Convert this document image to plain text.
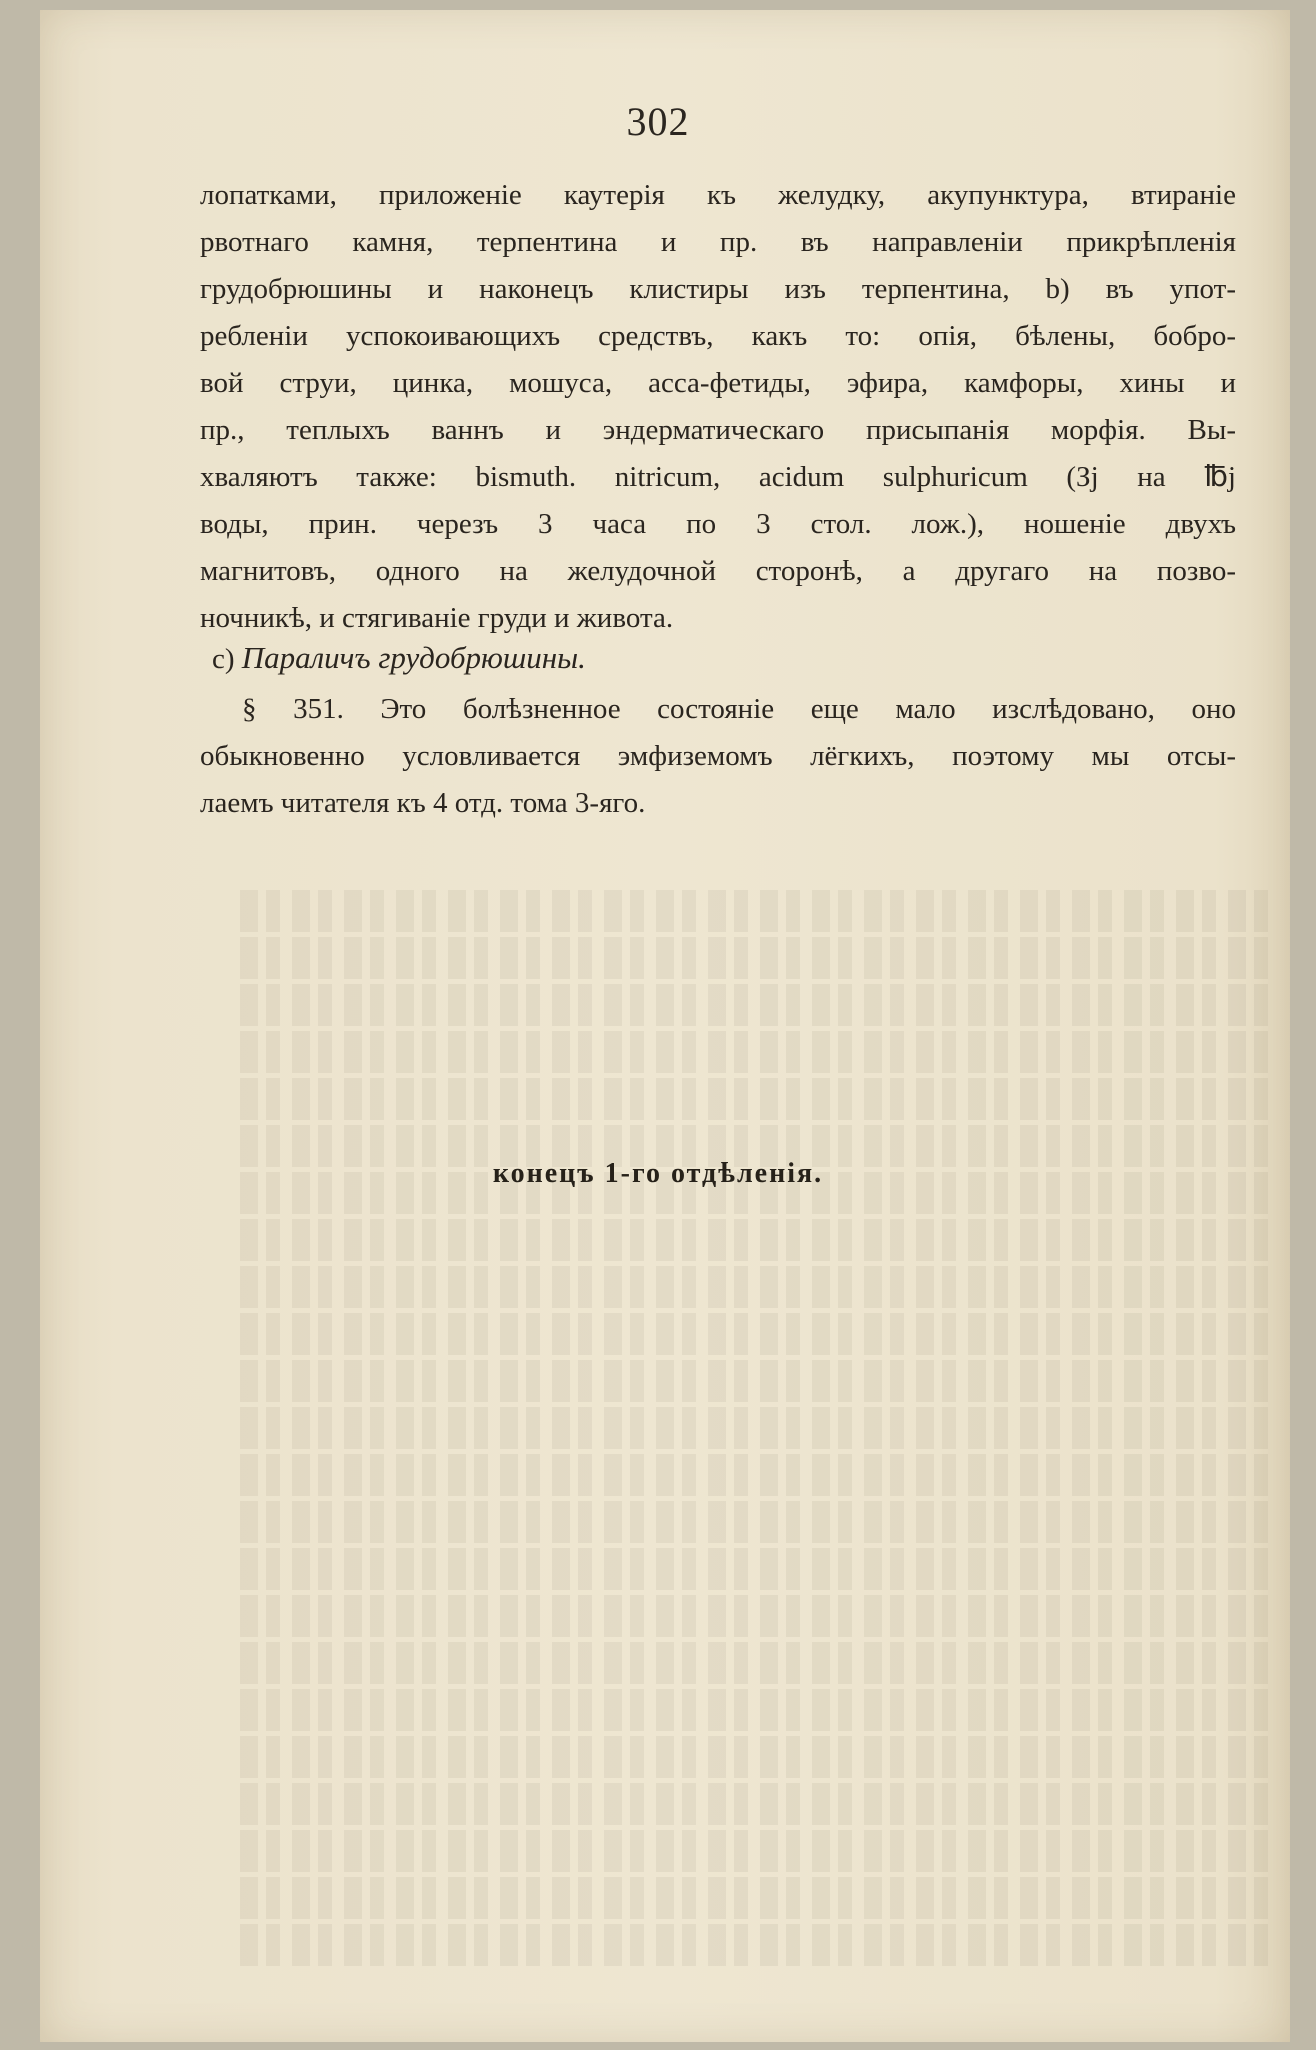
302
лопатками, приложеніе каутерія къ желудку, акупунктура, втираніе
рвотнаго камня, терпентина и пр. въ направленіи прикрѣпленія
грудобрюшины и наконецъ клистиры изъ терпентина, b) въ упот-
ребленіи успокоивающихъ средствъ, какъ то: опія, бѣлены, бобро-
вой струи, цинка, мошуса, асса-фетиды, эфира, камфоры, хины и
пр., теплыхъ ваннъ и эндерматическаго присыпанія морфія. Вы-
хваляютъ также: bismuth. nitricum, acidum sulphuricum (Зj на ℔j
воды, прин. черезъ 3 часа по 3 стол. лож.), ношеніе двухъ
магнитовъ, одного на желудочной сторонѣ, а другаго на позво-
ночникѣ, и стягиваніе груди и живота.
c) Параличъ грудобрюшины.
§ 351. Это болѣзненное состояніе еще мало изслѣдовано, оно
обыкновенно условливается эмфиземомъ лёгкихъ, поэтому мы отсы-
лаемъ читателя къ 4 отд. тома 3-яго.
конецъ 1-го отдѣленія.
